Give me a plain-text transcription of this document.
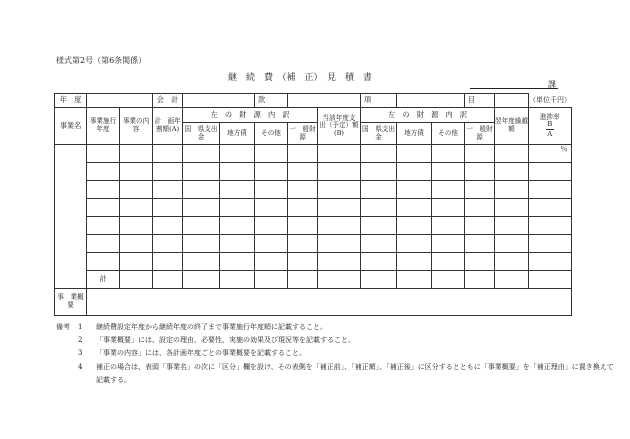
様式第2号（第6条関係）
継　続　費　（補　正）　見　積　書
課
年　度			会　計			款			項			目		（単位千円）
事業名	事業施行年度	事業の内　容	計　画年割額(A)	左　の　財　源　内　訳				当該年度支　出（予定）額(B)	左　の　財　源　内　訳				翌年度繰越額	進捗率
$\frac{B}{A}$
				国　県支出金	地方債	その他	一　般財　源		国　県支出金	地方債	その他	一　般財　源		
														％

	計													
事　業概　要														
備考	1	継続費設定年度から継続年度の終了まで事業施行年度順に記載すること。
2	「事業概要」には、設定の理由、必要性、実施の効果及び現況等を記載すること。
3	「事業の内容」には、各計画年度ごとの事業概要を記載すること。
4	補正の場合は、表頭「事業名」の次に「区分」欄を設け、その表側を「補正前」、「補正額」、「補正後」に区分するとともに「事業概要」を「補正理由」に置き換えて記載する。
